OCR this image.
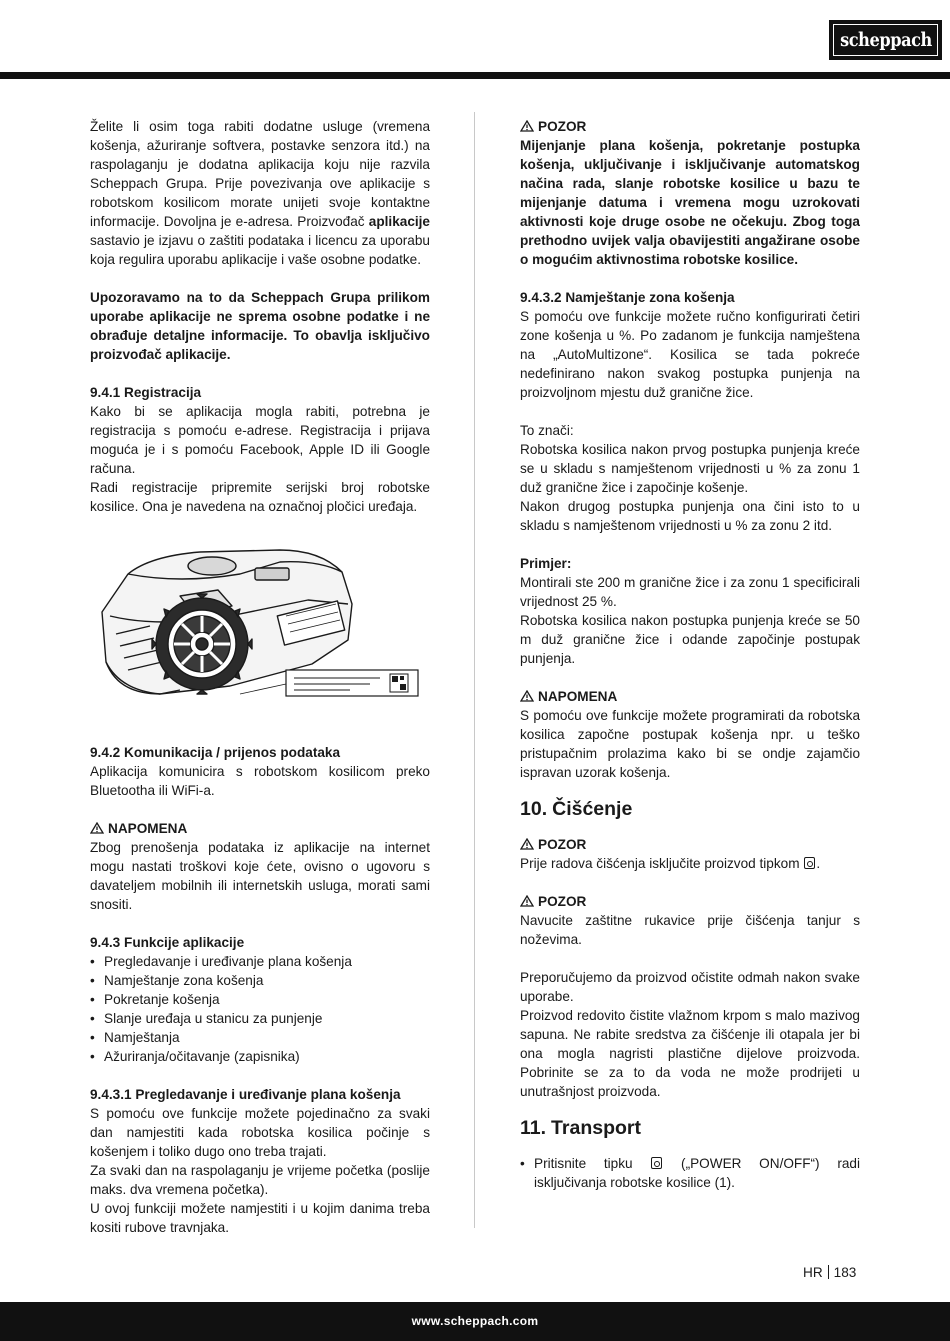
scheppach

Želite li osim toga rabiti dodatne usluge (vremena košenja, ažuriranje softvera, postavke senzora itd.) na raspolaganju je dodatna aplikacija koju nije razvila Scheppach Grupa. Prije povezivanja ove aplikacije s robotskom kosilicom morate unijeti svoje kontaktne informacije. Dovoljna je e-adresa. Proizvođač aplikacije sastavio je izjavu o zaštiti podataka i licencu za uporabu koja regulira uporabu aplikacije i vaše osobne podatke.

Upozoravamo na to da Scheppach Grupa prilikom uporabe aplikacije ne sprema osobne podatke i ne obrađuje detaljne informacije. To obavlja isključivo proizvođač aplikacije.

9.4.1 Registracija

Kako bi se aplikacija mogla rabiti, potrebna je registracija s pomoću e-adrese. Registracija i prijava moguća je i s pomoću Facebook, Apple ID ili Google računa.

Radi registracije pripremite serijski broj robotske kosilice. Ona je navedena na označnoj pločici uređaja.

9.4.2 Komunikacija / prijenos podataka

Aplikacija komunicira s robotskom kosilicom preko Bluetootha ili WiFi-a.

NAPOMENA

Zbog prenošenja podataka iz aplikacije na internet mogu nastati troškovi koje ćete, ovisno o ugovoru s davateljem mobilnih ili internetskih usluga, morati sami snositi.

9.4.3 Funkcije aplikacije
• Pregledavanje i uređivanje plana košenja
• Namještanje zona košenja
• Pokretanje košenja
• Slanje uređaja u stanicu za punjenje
• Namještanja
• Ažuriranja/očitavanje (zapisnika)
9.4.3.1 Pregledavanje i uređivanje plana košenja

S pomoću ove funkcije možete pojedinačno za svaki dan namjestiti kada robotska kosilica počinje s košenjem i toliko dugo ono treba trajati.

Za svaki dan na raspolaganju je vrijeme početka (poslije maks. dva vremena početka).

U ovoj funkciji možete namjestiti i u kojim danima treba kositi rubove travnjaka.

POZOR

Mijenjanje plana košenja, pokretanje postupka košenja, uključivanje i isključivanje automatskog načina rada, slanje robotske kosilice u bazu te mijenjanje datuma i vremena mogu uzrokovati aktivnosti koje druge osobe ne očekuju. Zbog toga prethodno uvijek valja obavijestiti angažirane osobe o mogućim aktivnostima robotske kosilice.

9.4.3.2 Namještanje zona košenja

S pomoću ove funkcije možete ručno konfigurirati četiri zone košenja u %. Po zadanom je funkcija namještena na „AutoMultizone“. Kosilica se tada pokreće nedefinirano nakon svakog postupka punjenja na proizvoljnom mjestu duž granične žice.

To znači:

Robotska kosilica nakon prvog postupka punjenja kreće se u skladu s namještenom vrijednosti u % za zonu 1 duž granične žice i započinje košenje.

Nakon drugog postupka punjenja ona čini isto to u skladu s namještenom vrijednosti u % za zonu 2 itd.

Primjer:

Montirali ste 200 m granične žice i za zonu 1 specificirali vrijednost 25 %.

Robotska kosilica nakon postupka punjenja kreće se 50 m duž granične žice i odande započinje postupak punjenja.

NAPOMENA

S pomoću ove funkcije možete programirati da robotska kosilica započne postupak košenja npr. u teško pristupačnim prolazima kako bi se ondje zajamčio ispravan uzorak košenja.

10. Čišćenje
POZOR

Prije radova čišćenja isključite proizvod tipkom .

POZOR

Navucite zaštitne rukavice prije čišćenja tanjur s noževima.

Preporučujemo da proizvod očistite odmah nakon svake uporabe.

Proizvod redovito čistite vlažnom krpom s malo mazivog sapuna. Ne rabite sredstva za čišćenje ili otapala jer bi ona mogla nagristi plastične dijelove proizvoda. Pobrinite se za to da voda ne može prodrijeti u unutrašnjost proizvoda.

11. Transport
• Pritisnite tipku  („POWER ON/OFF“) radi isključivanja robotske kosilice (1).
HR 183
www.scheppach.com
